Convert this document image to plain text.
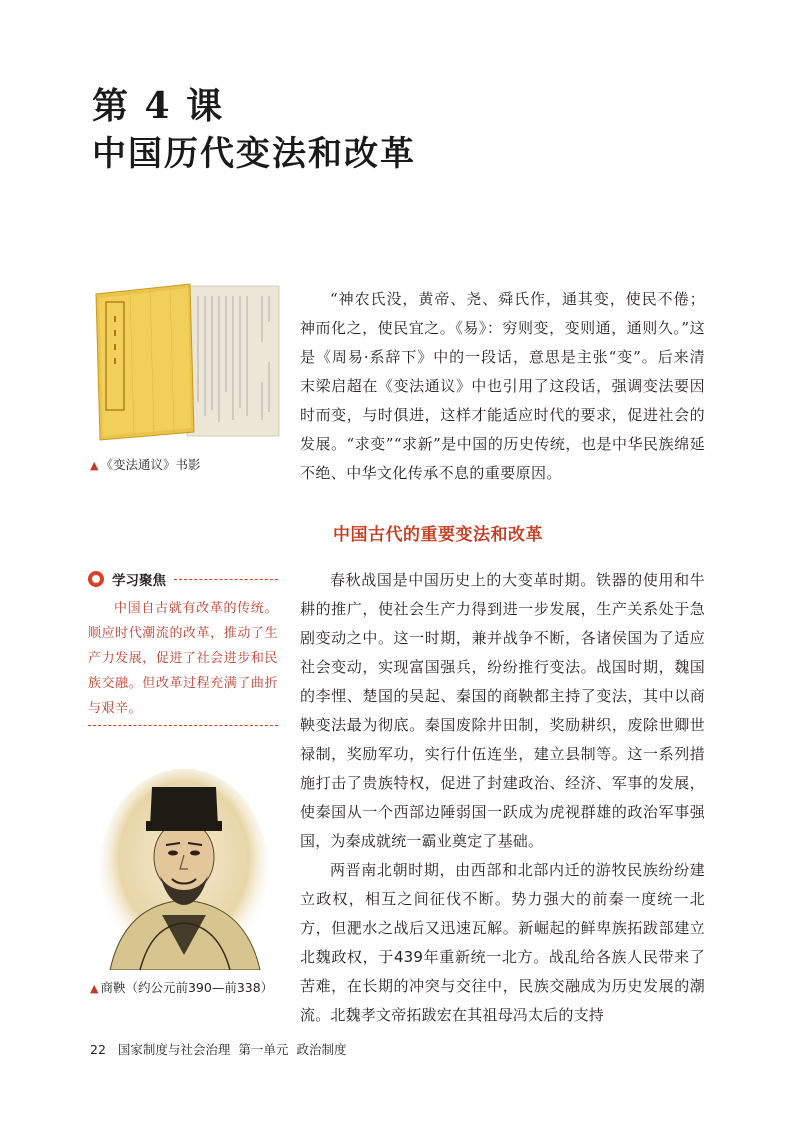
第 4 课
中国历代变法和改革
▲ 《变法通议》书影

“神农氏没，黄帝、尧、舜氏作，通其变，使民不倦；神而化之，使民宜之。《易》：穷则变，变则通，通则久。”这是《周易·系辞下》中的一段话，意思是主张“变”。后来清末梁启超在《变法通议》中也引用了这段话，强调变法要因时而变，与时俱进，这样才能适应时代的要求，促进社会的发展。“求变”“求新”是中国的历史传统，也是中华民族绵延不绝、中华文化传承不息的重要原因。

中国古代的重要变法和改革
学习聚焦

中国自古就有改革的传统。顺应时代潮流的改革，推动了生产力发展，促进了社会进步和民族交融。但改革过程充满了曲折与艰辛。

▲ 商鞅（约公元前390—前338）

春秋战国是中国历史上的大变革时期。铁器的使用和牛耕的推广，使社会生产力得到进一步发展，生产关系处于急剧变动之中。这一时期，兼并战争不断，各诸侯国为了适应社会变动，实现富国强兵，纷纷推行变法。战国时期，魏国的李悝、楚国的吴起、秦国的商鞅都主持了变法，其中以商鞅变法最为彻底。秦国废除井田制，奖励耕织，废除世卿世禄制，奖励军功，实行什伍连坐，建立县制等。这一系列措施打击了贵族特权，促进了封建政治、经济、军事的发展，使秦国从一个西部边陲弱国一跃成为虎视群雄的政治军事强国，为秦成就统一霸业奠定了基础。

两晋南北朝时期，由西部和北部内迁的游牧民族纷纷建立政权，相互之间征伐不断。势力强大的前秦一度统一北方，但淝水之战后又迅速瓦解。新崛起的鲜卑族拓跋部建立北魏政权，于439年重新统一北方。战乱给各族人民带来了苦难，在长期的冲突与交往中，民族交融成为历史发展的潮流。北魏孝文帝拓跋宏在其祖母冯太后的支持

22 国家制度与社会治理 第一单元 政治制度
